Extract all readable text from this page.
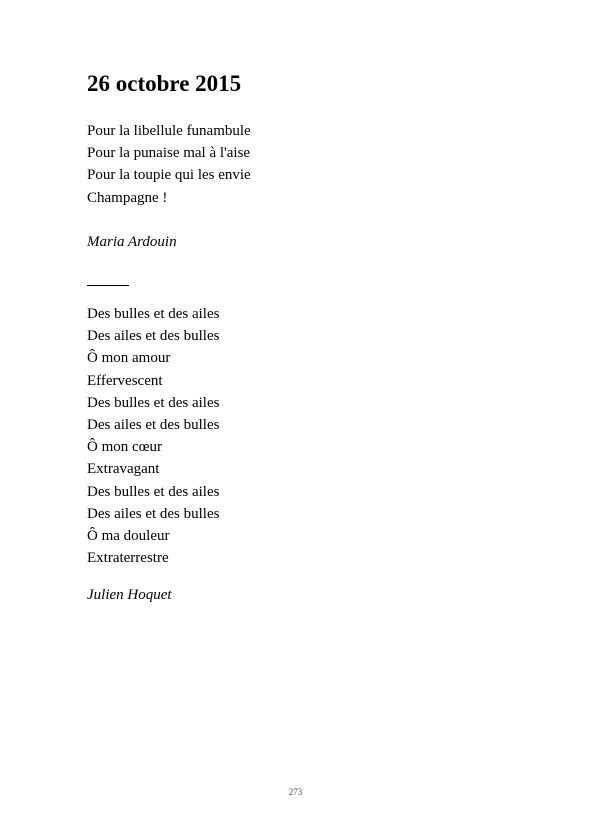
26 octobre 2015
Pour la libellule funambule
Pour la punaise mal à l'aise
Pour la toupie qui les envie
Champagne !

Maria Ardouin

Des bulles et des ailes
Des ailes et des bulles
Ô mon amour
Effervescent
Des bulles et des ailes
Des ailes et des bulles
Ô mon cœur
Extravagant
Des bulles et des ailes
Des ailes et des bulles
Ô ma douleur
Extraterrestre

Julien Hoquet

273
